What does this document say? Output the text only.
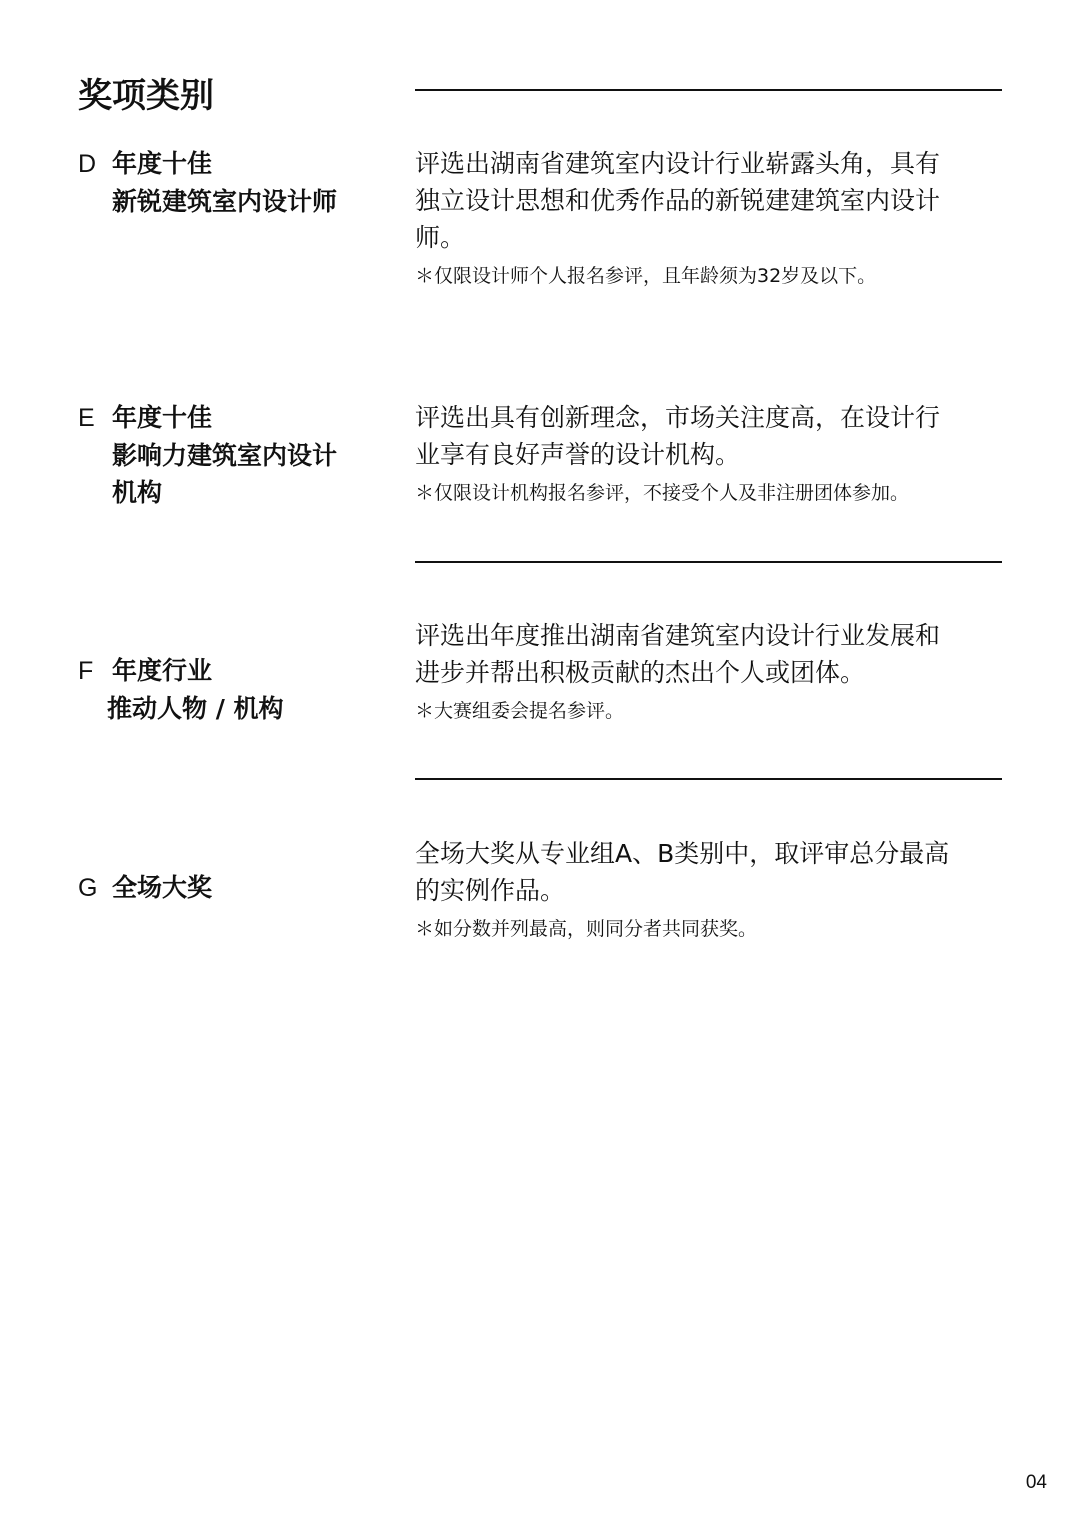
奖项类别
D 年度十佳
新锐建筑室内设计师
评选出湖南省建筑室内设计行业崭露头角，具有
独立设计思想和优秀作品的新锐建建筑室内设计
师。
＊仅限设计师个人报名参评，且年龄须为32岁及以下。
E 年度十佳
影响力建筑室内设计
机构
评选出具有创新理念，市场关注度高，在设计行
业享有良好声誉的设计机构。
＊仅限设计机构报名参评，不接受个人及非注册团体参加。
F 年度行业
推动人物 / 机构
评选出年度推出湖南省建筑室内设计行业发展和
进步并帮出积极贡献的杰出个人或团体。
＊大赛组委会提名参评。
G 全场大奖
全场大奖从专业组A、B类别中，取评审总分最高
的实例作品。
＊如分数并列最高，则同分者共同获奖。
04
